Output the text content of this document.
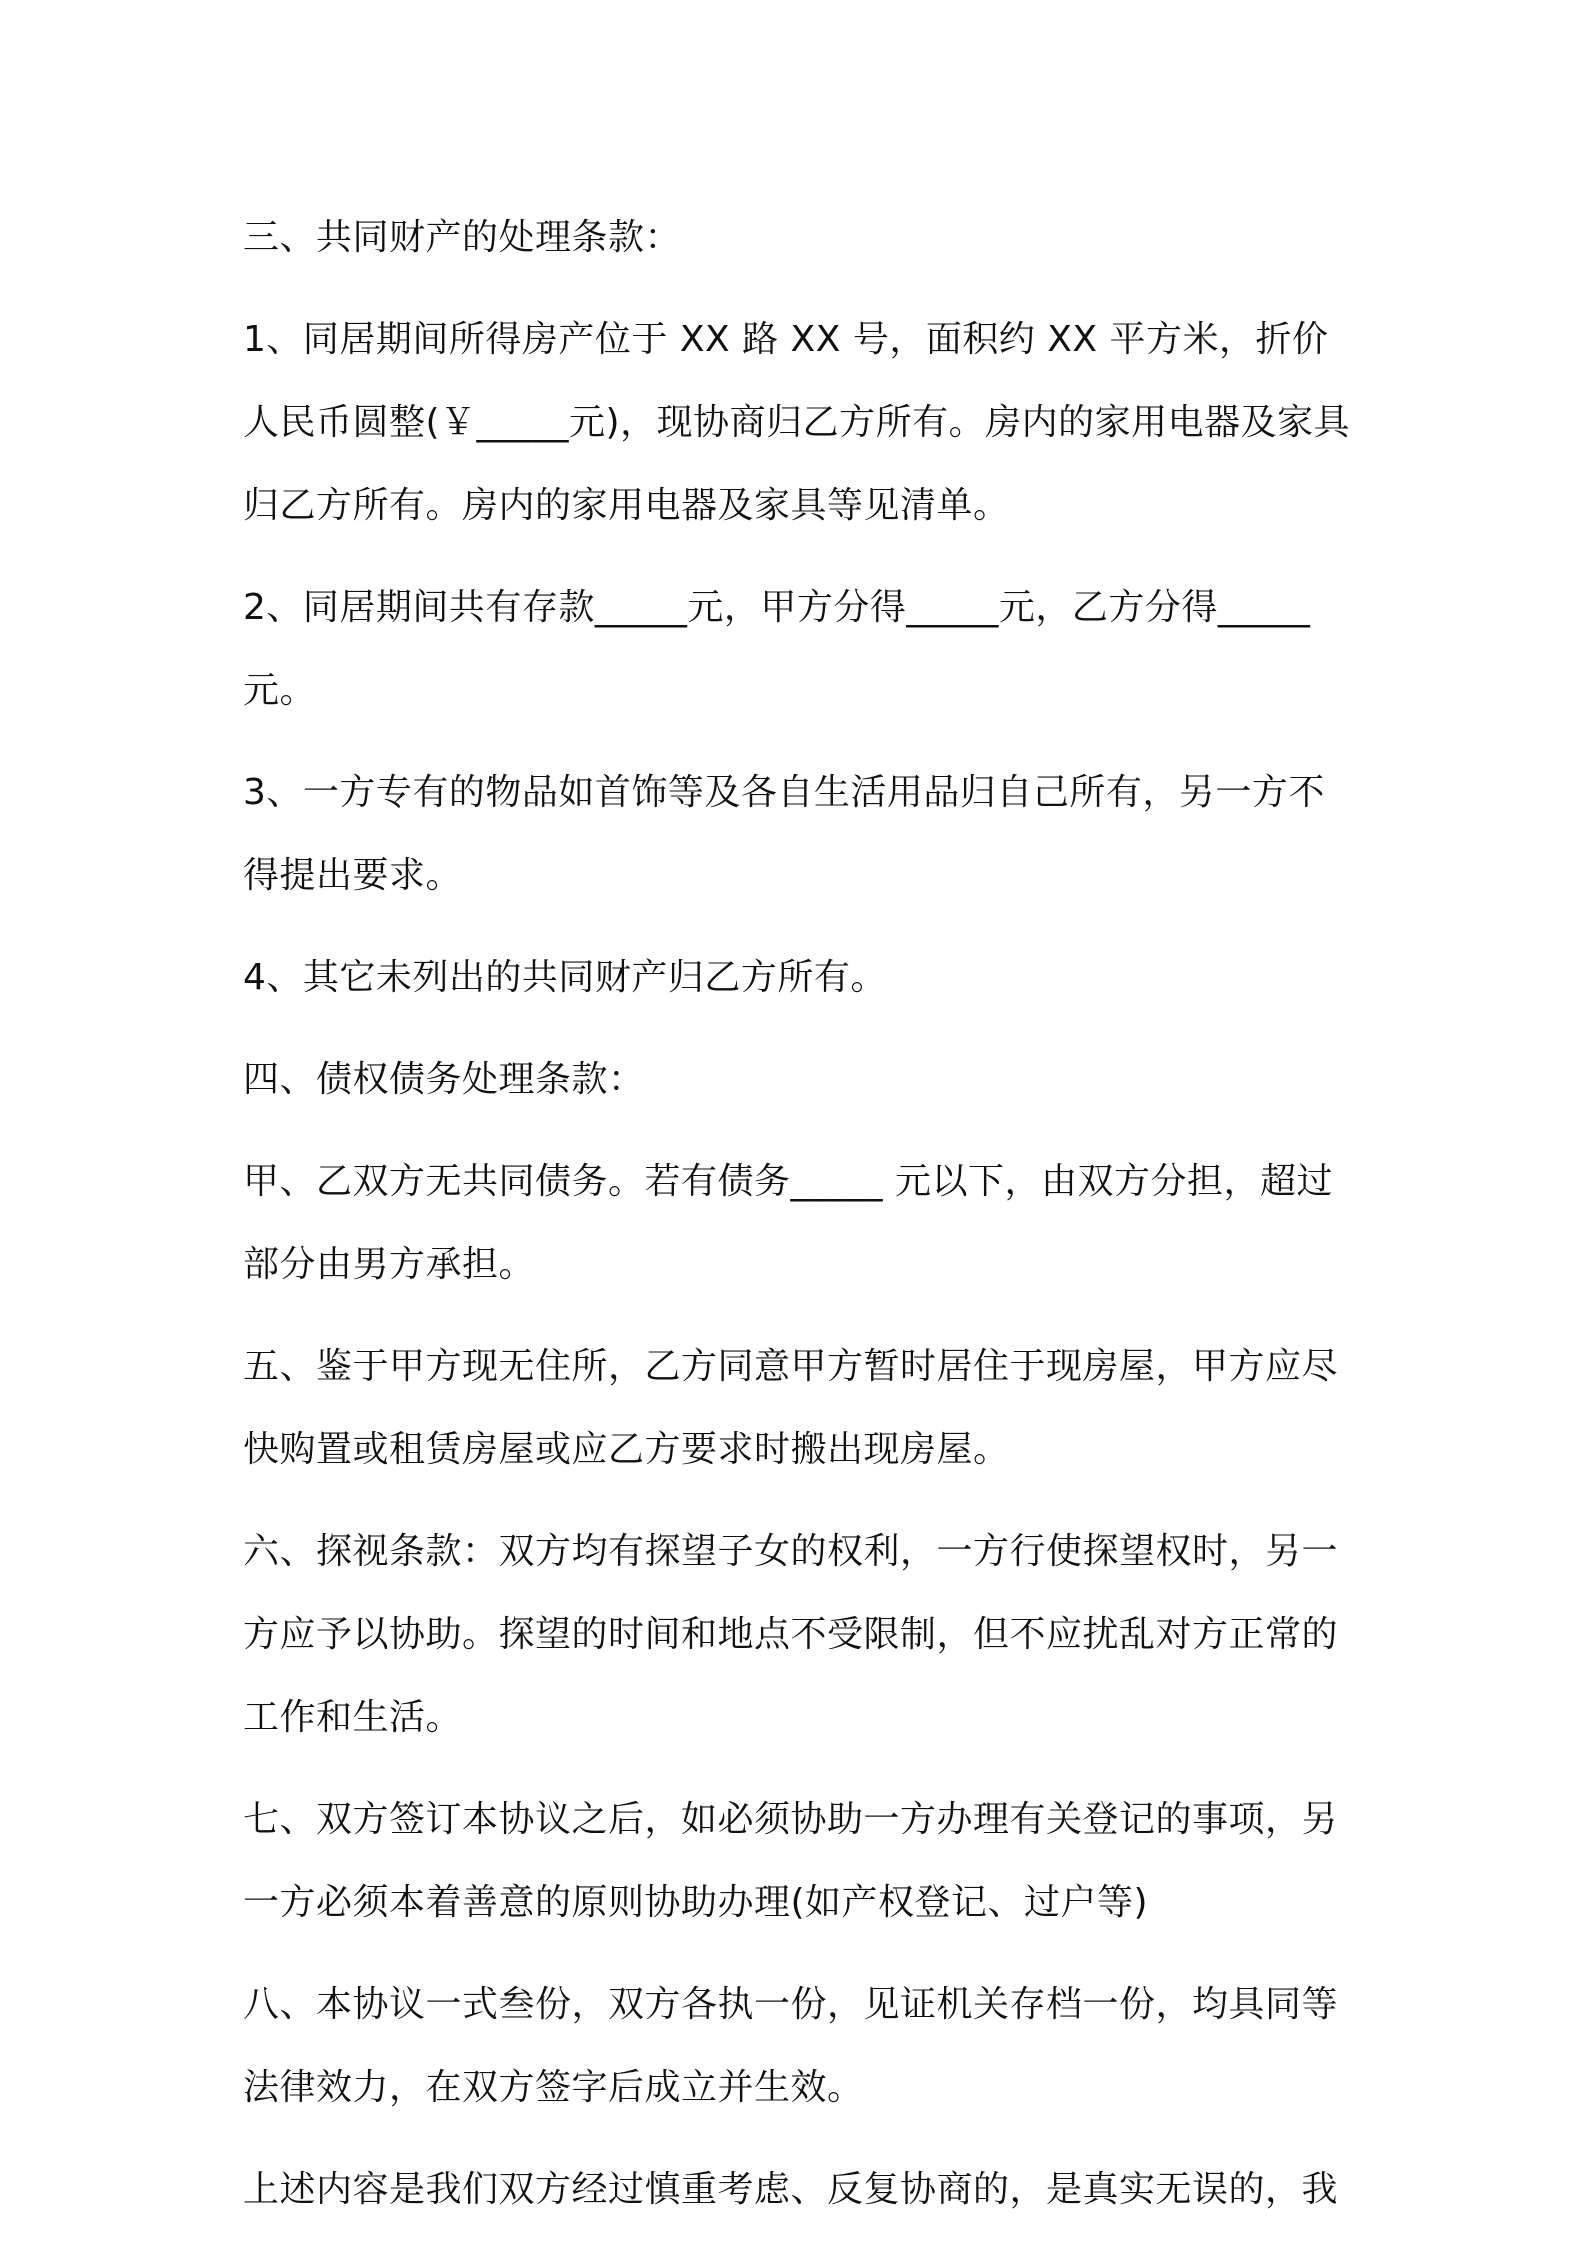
三、共同财产的处理条款：

1、同居期间所得房产位于 XX 路 XX 号，面积约 XX 平方米，折价人民币圆整(￥_____元)，现协商归乙方所有。房内的家用电器及家具归乙方所有。房内的家用电器及家具等见清单。

2、同居期间共有存款_____元，甲方分得_____元，乙方分得_____元。

3、一方专有的物品如首饰等及各自生活用品归自己所有，另一方不得提出要求。

4、其它未列出的共同财产归乙方所有。

四、债权债务处理条款：

甲、乙双方无共同债务。若有债务_____ 元以下，由双方分担，超过部分由男方承担。

五、鉴于甲方现无住所，乙方同意甲方暂时居住于现房屋，甲方应尽快购置或租赁房屋或应乙方要求时搬出现房屋。

六、探视条款：双方均有探望子女的权利，一方行使探望权时，另一方应予以协助。探望的时间和地点不受限制，但不应扰乱对方正常的工作和生活。

七、双方签订本协议之后，如必须协助一方办理有关登记的事项，另一方必须本着善意的原则协助办理(如产权登记、过户等)

八、本协议一式叁份，双方各执一份，见证机关存档一份，均具同等法律效力，在双方签字后成立并生效。

上述内容是我们双方经过慎重考虑、反复协商的，是真实无误的，我
